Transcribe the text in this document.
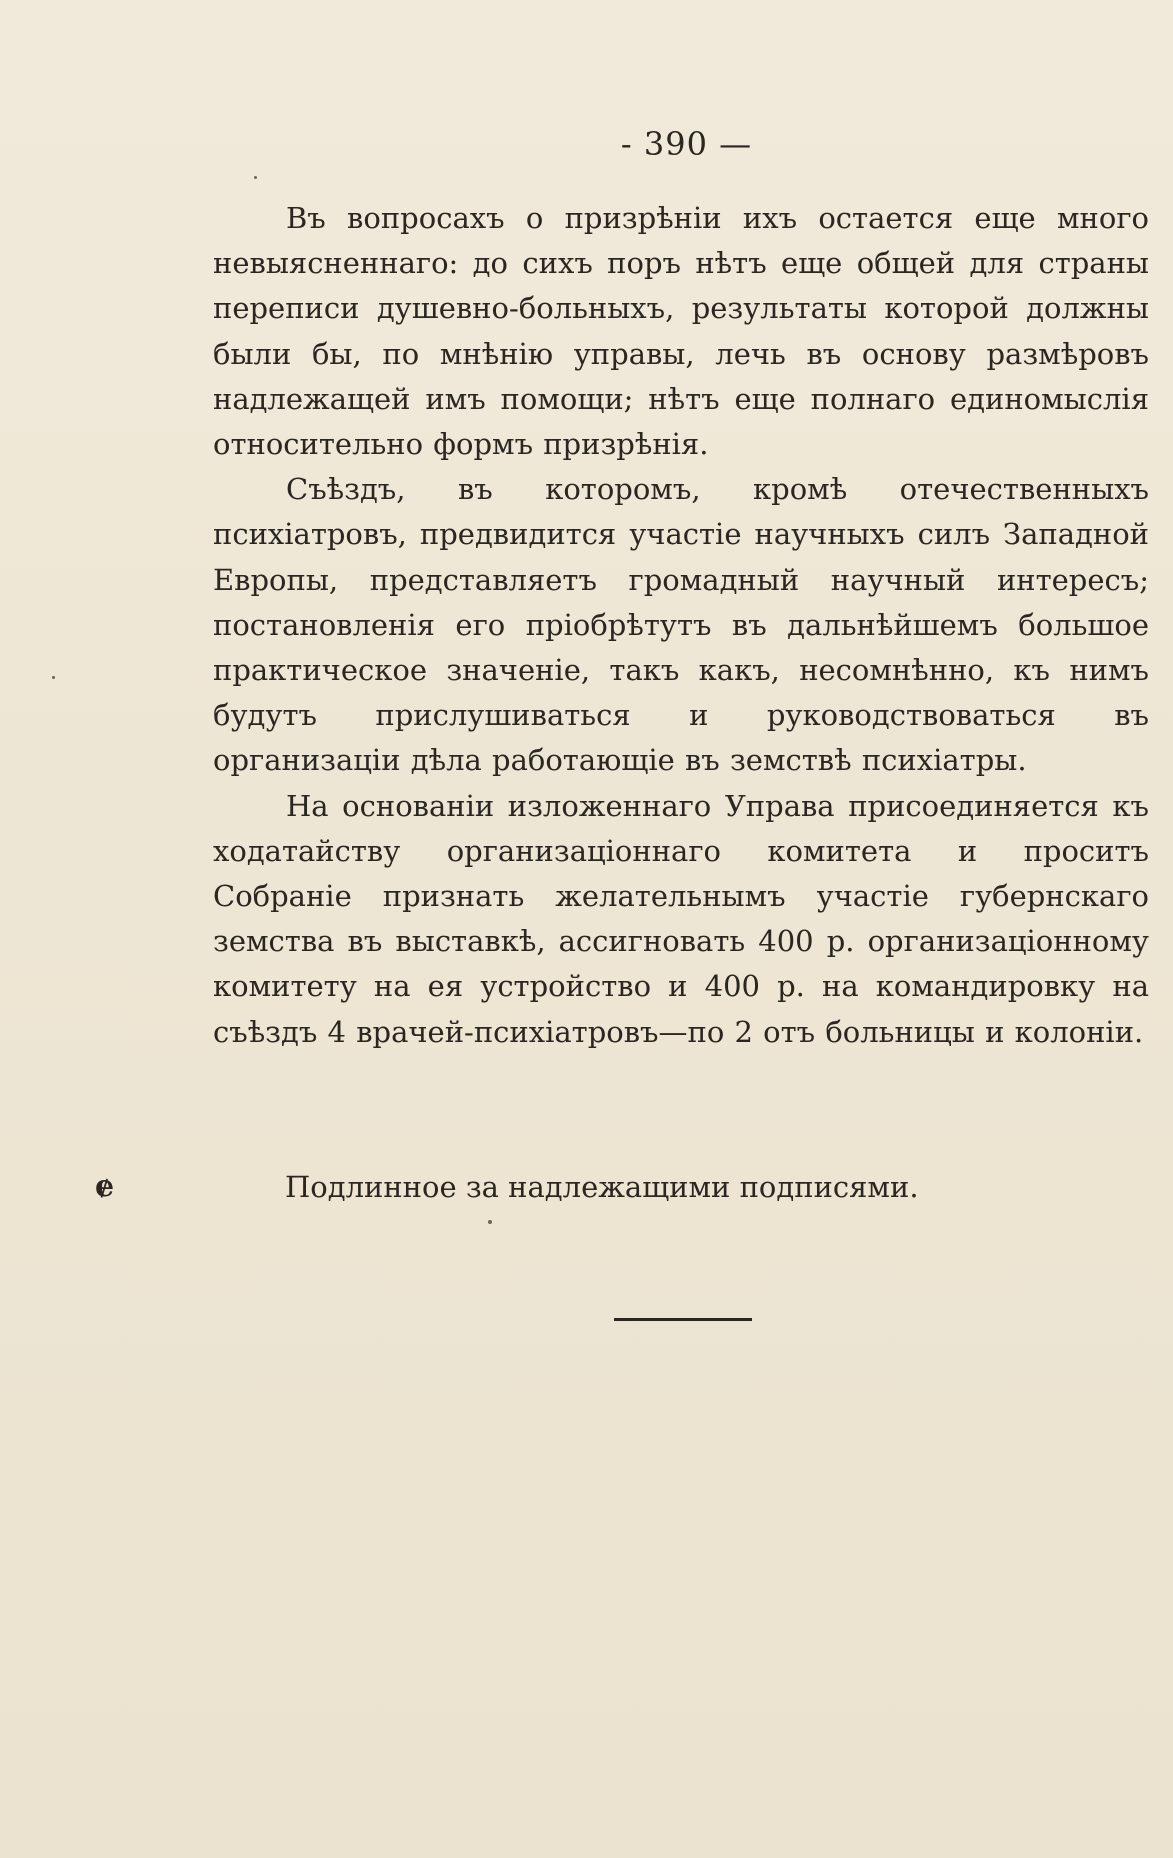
- 390 —

Въ вопросахъ о призрѣніи ихъ остается еще много невыясненнаго: до сихъ поръ нѣтъ еще общей для страны переписи душевно-больныхъ, результаты которой должны были бы, по мнѣнію управы, лечь въ основу размѣровъ надлежащей имъ помощи; нѣтъ еще полнаго единомыслія относительно формъ призрѣнія.

Съѣздъ, въ которомъ, кромѣ отечественныхъ психіатровъ, предвидится участіе научныхъ силъ Западной Европы, представляетъ громадный научный интересъ; постановленія его пріобрѣтутъ въ дальнѣйшемъ большое практическое значеніе, такъ какъ, несомнѣнно, къ нимъ будутъ прислушиваться и руководствоваться въ организаціи дѣла работающіе въ земствѣ психіатры.

На основаніи изложеннаго Управа присоединяется къ ходатайству организаціоннаго комитета и проситъ Собраніе признать желательнымъ участіе губернскаго земства въ выставкѣ, ассигновать 400 р. организаціонному комитету на ея устройство и 400 р. на командировку на съѣздъ 4 врачей-психіатровъ—по 2 отъ больницы и колоніи.

ɇ	Подлинное за надлежащими подписями.
